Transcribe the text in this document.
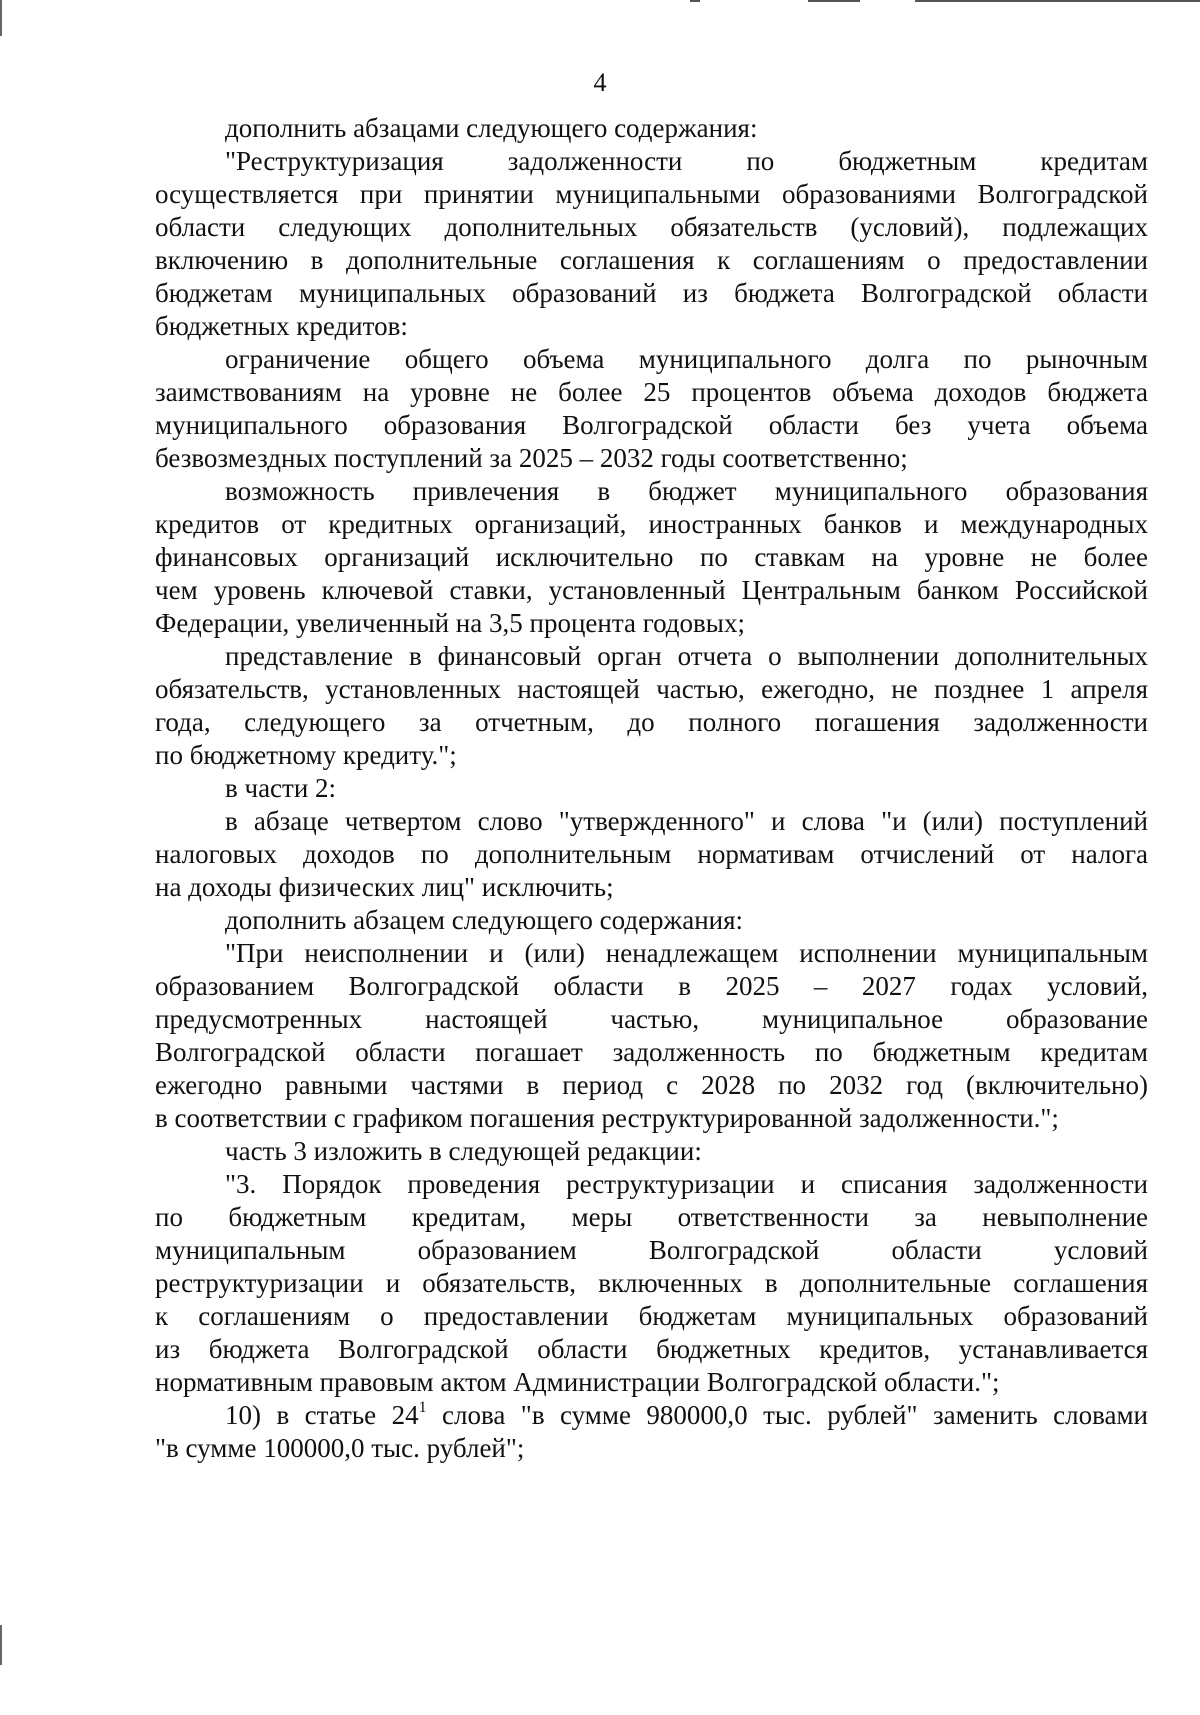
4
дополнить абзацами следующего содержания:
"Реструктуризация задолженности по бюджетным кредитам
осуществляется при принятии муниципальными образованиями Волгоградской
области следующих дополнительных обязательств (условий), подлежащих
включению в дополнительные соглашения к соглашениям о предоставлении
бюджетам муниципальных образований из бюджета Волгоградской области
бюджетных кредитов:
ограничение общего объема муниципального долга по рыночным
заимствованиям на уровне не более 25 процентов объема доходов бюджета
муниципального образования Волгоградской области без учета объема
безвозмездных поступлений за 2025 – 2032 годы соответственно;
возможность привлечения в бюджет муниципального образования
кредитов от кредитных организаций, иностранных банков и международных
финансовых организаций исключительно по ставкам на уровне не более
чем уровень ключевой ставки, установленный Центральным банком Российской
Федерации, увеличенный на 3,5 процента годовых;
представление в финансовый орган отчета о выполнении дополнительных
обязательств, установленных настоящей частью, ежегодно, не позднее 1 апреля
года, следующего за отчетным, до полного погашения задолженности
по бюджетному кредиту.";
в части 2:
в абзаце четвертом слово "утвержденного" и слова "и (или) поступлений
налоговых доходов по дополнительным нормативам отчислений от налога
на доходы физических лиц" исключить;
дополнить абзацем следующего содержания:
"При неисполнении и (или) ненадлежащем исполнении муниципальным
образованием Волгоградской области в 2025 – 2027 годах условий,
предусмотренных настоящей частью, муниципальное образование
Волгоградской области погашает задолженность по бюджетным кредитам
ежегодно равными частями в период с 2028 по 2032 год (включительно)
в соответствии с графиком погашения реструктурированной задолженности.";
часть 3 изложить в следующей редакции:
"3. Порядок проведения реструктуризации и списания задолженности
по бюджетным кредитам, меры ответственности за невыполнение
муниципальным образованием Волгоградской области условий
реструктуризации и обязательств, включенных в дополнительные соглашения
к соглашениям о предоставлении бюджетам муниципальных образований
из бюджета Волгоградской области бюджетных кредитов, устанавливается
нормативным правовым актом Администрации Волгоградской области.";
10) в статье $24^1$ слова "в сумме 980000,0 тыс. рублей" заменить словами
"в сумме 100000,0 тыс. рублей";
